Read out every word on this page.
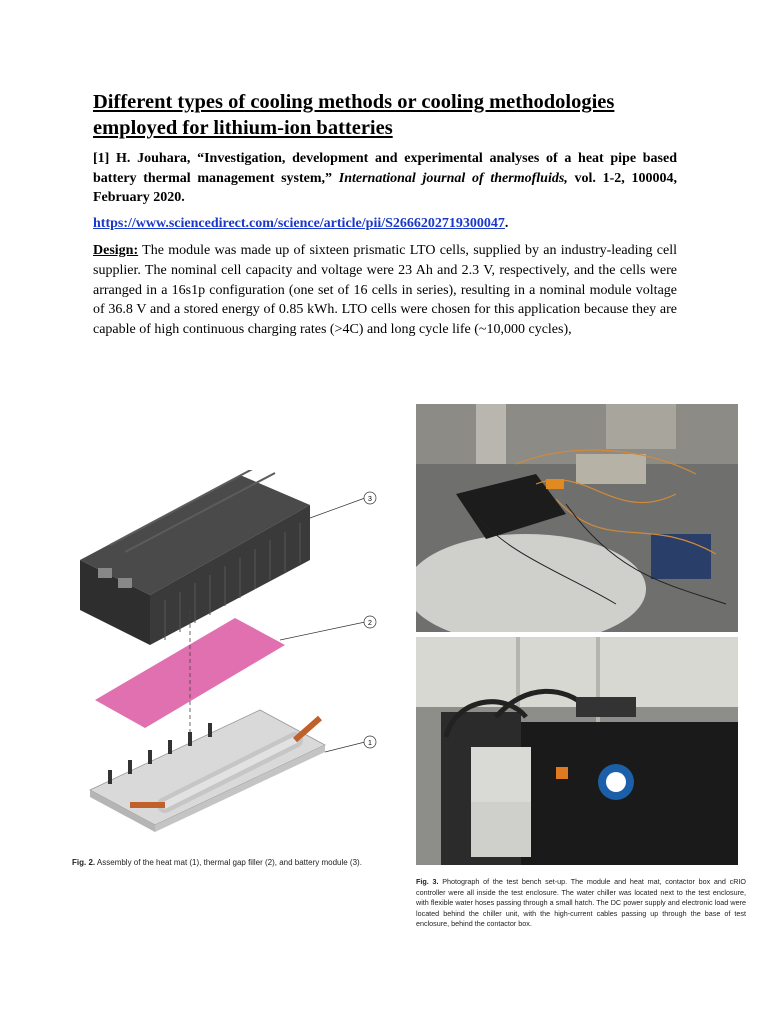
Different types of cooling methods or cooling methodologies employed for lithium-ion batteries

[1] H. Jouhara, “Investigation, development and experimental analyses of a heat pipe based battery thermal management system,” International journal of thermofluids, vol. 1-2, 100004, February 2020.

https://www.sciencedirect.com/science/article/pii/S2666202719300047.

Design: The module was made up of sixteen prismatic LTO cells, supplied by an industry-leading cell supplier. The nominal cell capacity and voltage were 23 Ah and 2.3 V, respectively, and the cells were arranged in a 16s1p configuration (one set of 16 cells in series), resulting in a nominal module voltage of 36.8 V and a stored energy of 0.85 kWh. LTO cells were chosen for this application because they are capable of high continuous charging rates (>4C) and long cycle life (~10,000 cycles),

3
2
1
Fig. 2. Assembly of the heat mat (1), thermal gap filler (2), and battery module (3).
Fig. 3. Photograph of the test bench set-up. The module and heat mat, contactor box and cRIO controller were all inside the test enclosure. The water chiller was located next to the test enclosure, with flexible water hoses passing through a small hatch. The DC power supply and electronic load were located behind the chiller unit, with the high-current cables passing up through the base of test enclosure, behind the contactor box.
